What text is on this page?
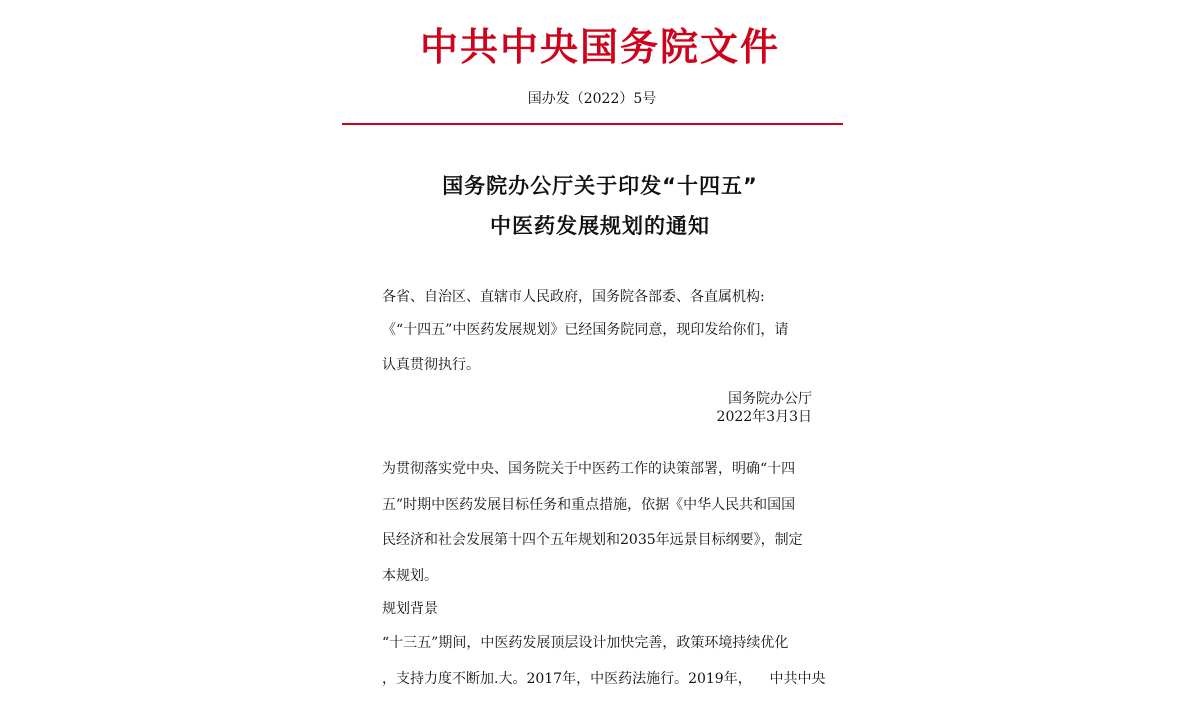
中共中央国务院文件
国办发（2022）5号
国务院办公厅关于印发“十四五”
中医药发展规划的通知
各省、自治区、直辖市人民政府，国务院各部委、各直属机构:
《“十四五”中医药发展规划》已经国务院同意，现印发给你们，请
认真贯彻执行。
国务院办公厅
2022年3月3日
为贯彻落实党中央、国务院关于中医药工作的诀策部署，明确“十四
五”时期中医药发展目标任务和重点措施，依据《中华人民共和国国
民经济和社会发展第十四个五年规划和2035年远景目标纲要》，制定
本规划。
规划背景
“十三五”期间，中医药发展顶层设计加快完善，政策环境持续优化
，支持力度不断加.大。2017年，中医药法施行。2019年，    中共中央
